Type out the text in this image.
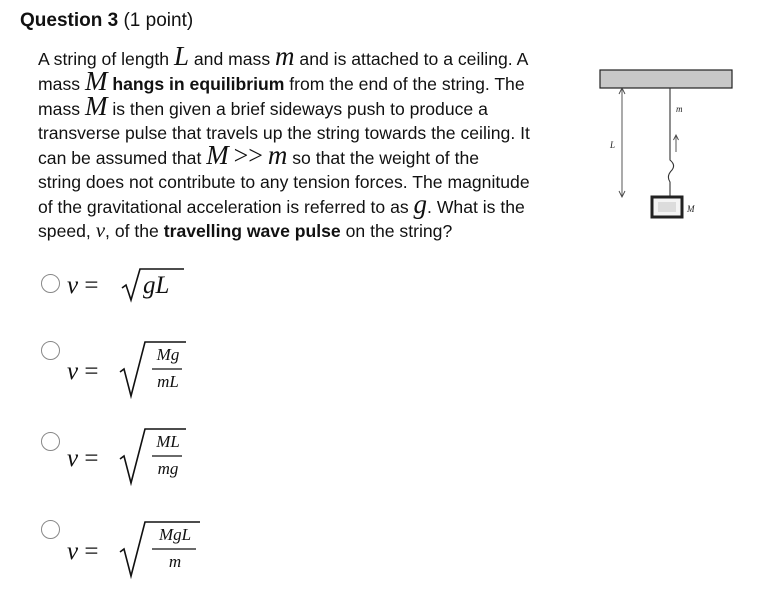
Question 3 (1 point)
A string of length L and mass m and is attached to a ceiling. A
mass M hangs in equilibrium from the end of the string. The
mass M is then given a brief sideways push to produce a
transverse pulse that travels up the string towards the ceiling. It
can be assumed that M >> m so that the weight of the
string does not contribute to any tension forces. The magnitude
of the gravitational acceleration is referred to as g. What is the
speed, v, of the travelling wave pulse on the string?
v = gL
v =
Mg
mL
v =
ML
mg
v =
MgL
m
L
m
M
